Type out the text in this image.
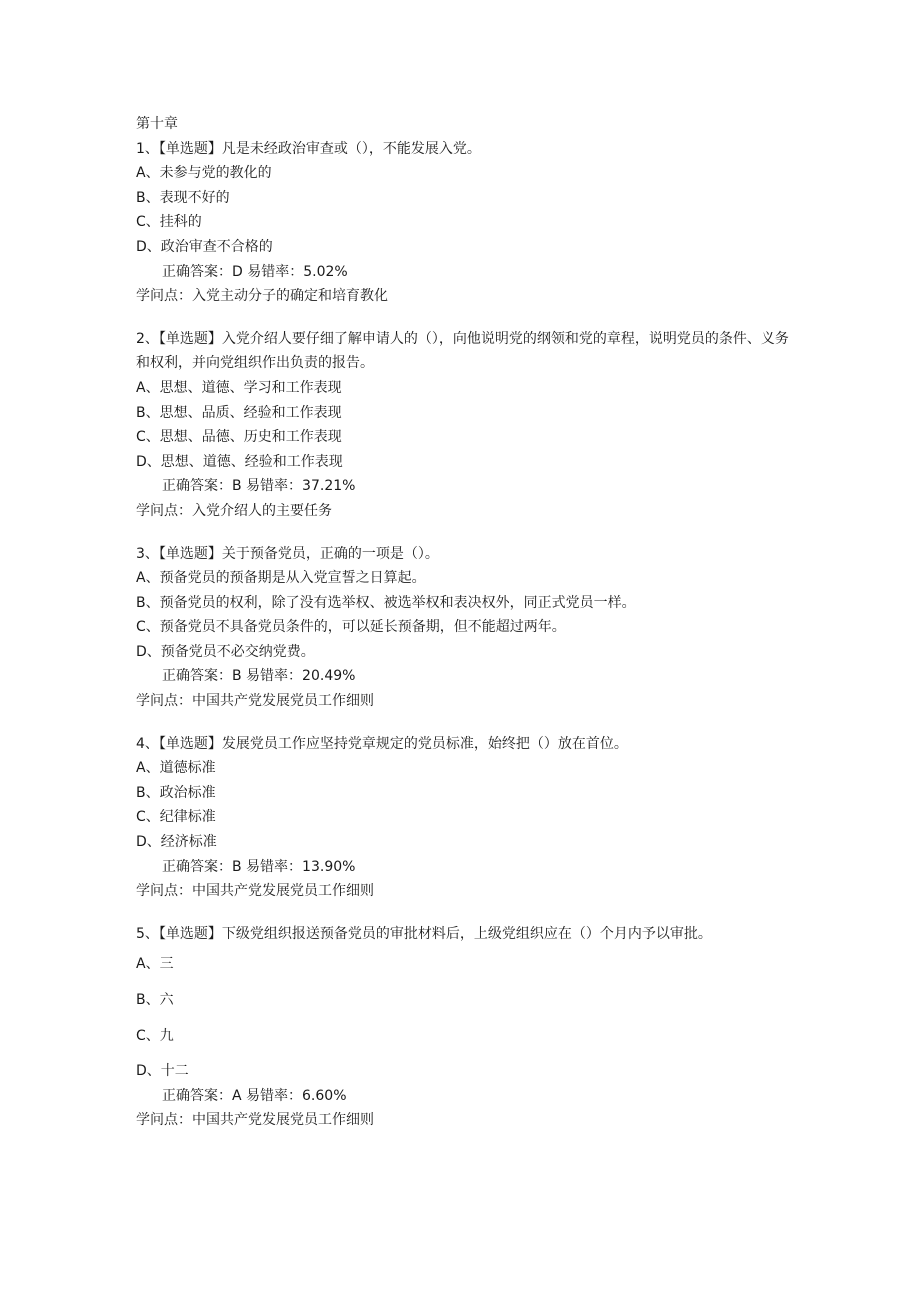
第十章
1、【单选题】凡是未经政治审查或（），不能发展入党。
A、未参与党的教化的
B、表现不好的
C、挂科的
D、政治审查不合格的
正确答案：D 易错率：5.02%
学问点：入党主动分子的确定和培育教化
2、【单选题】入党介绍人要仔细了解申请人的（），向他说明党的纲领和党的章程，说明党员的条件、义务和权利，并向党组织作出负责的报告。
A、思想、道德、学习和工作表现
B、思想、品质、经验和工作表现
C、思想、品德、历史和工作表现
D、思想、道德、经验和工作表现
正确答案：B 易错率：37.21%
学问点：入党介绍人的主要任务
3、【单选题】关于预备党员，正确的一项是（）。
A、预备党员的预备期是从入党宣誓之日算起。
B、预备党员的权利，除了没有选举权、被选举权和表决权外，同正式党员一样。
C、预备党员不具备党员条件的，可以延长预备期，但不能超过两年。
D、预备党员不必交纳党费。
正确答案：B 易错率：20.49%
学问点：中国共产党发展党员工作细则
4、【单选题】发展党员工作应坚持党章规定的党员标准，始终把（）放在首位。
A、道德标准
B、政治标准
C、纪律标准
D、经济标准
正确答案：B 易错率：13.90%
学问点：中国共产党发展党员工作细则
5、【单选题】下级党组织报送预备党员的审批材料后，上级党组织应在（）个月内予以审批。
A、三
B、六
C、九
D、十二
正确答案：A 易错率：6.60%
学问点：中国共产党发展党员工作细则
